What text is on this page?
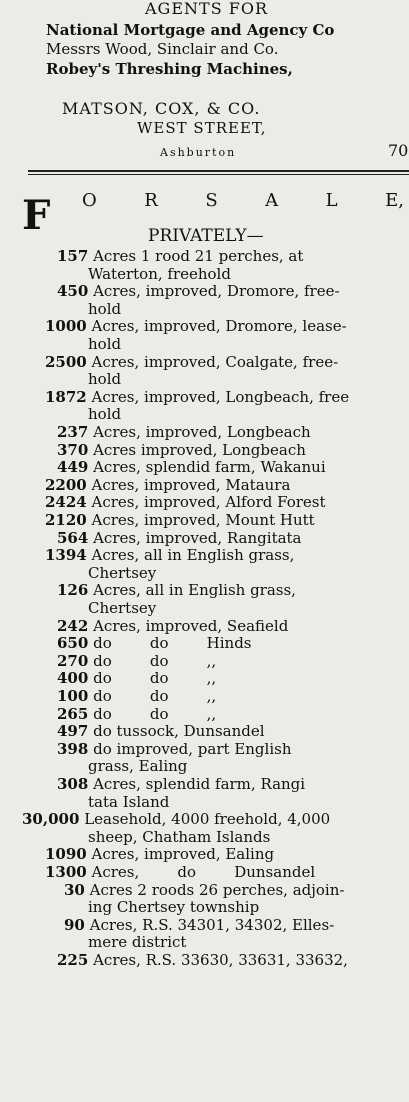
AGENTS FOR
National Mortgage and Agency Co
Messrs Wood, Sinclair and Co.
Robey's Threshing Machines,
MATSON, COX, & CO.
WEST STREET,
Ashburton	70
F O	R	S	A	L	E,
PRIVATELY—
157 Acres 1 rood 21 perches, at
Waterton, freehold
450 Acres, improved, Dromore, free-
hold
1000 Acres, improved, Dromore, lease-
hold
2500 Acres, improved, Coalgate, free-
hold
1872 Acres, improved, Longbeach, free
hold
237 Acres, improved, Longbeach
370 Acres improved, Longbeach
449 Acres, splendid farm, Wakanui
2200 Acres, improved, Mataura
2424 Acres, improved, Alford Forest
2120 Acres, improved, Mount Hutt
564 Acres, improved, Rangitata
1394 Acres, all in English grass,
Chertsey
126 Acres, all in English grass,
Chertsey
242 Acres, improved, Seafield
650 do        do        Hinds
270 do        do        ,,
400 do        do        ,,
100 do        do        ,,
265 do        do        ,,
497 do tussock, Dunsandel
398 do improved, part English
grass, Ealing
308 Acres, splendid farm, Rangi
tata Island
30,000 Leasehold, 4000 freehold, 4,000
sheep, Chatham Islands
1090 Acres, improved, Ealing
1300 Acres,        do        Dunsandel
30 Acres 2 roods 26 perches, adjoin-
ing Chertsey township
90 Acres, R.S. 34301, 34302, Elles-
mere district
225 Acres, R.S. 33630, 33631, 33632,
